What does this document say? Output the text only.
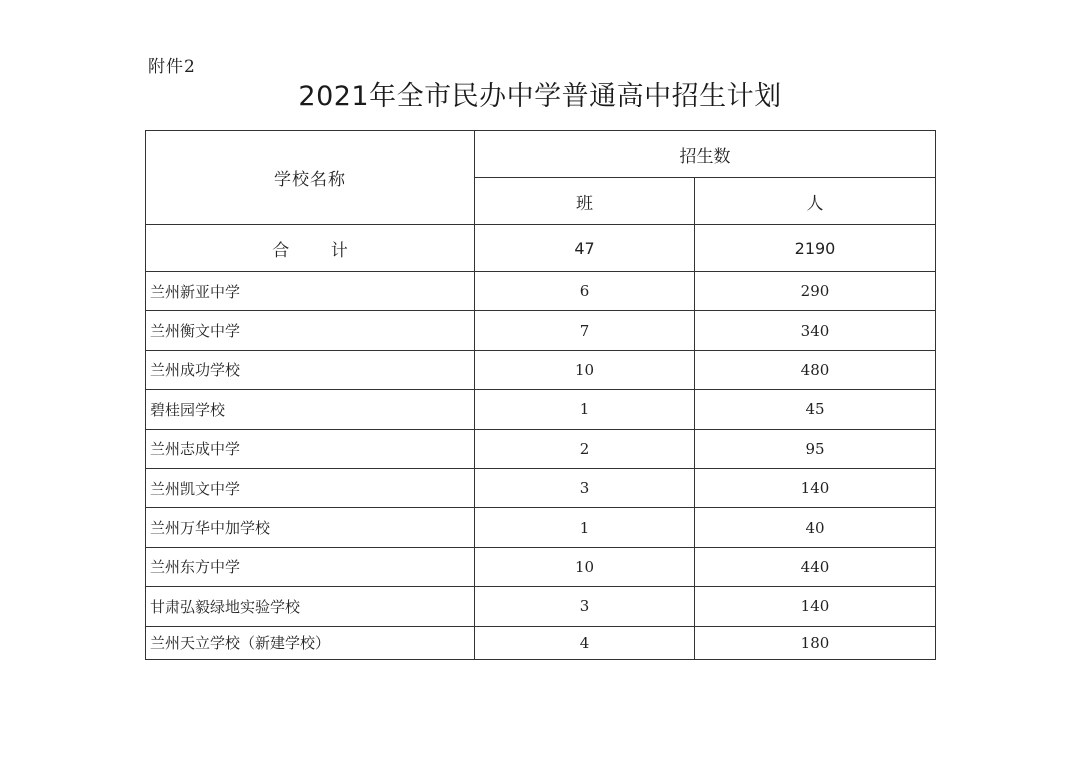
附件2
2021年全市民办中学普通高中招生计划
学校名称	招生数	
	班	人
合 计	47	2190
兰州新亚中学	6	290
兰州衡文中学	7	340
兰州成功学校	10	480
碧桂园学校	1	45
兰州志成中学	2	95
兰州凯文中学	3	140
兰州万华中加学校	1	40
兰州东方中学	10	440
甘肃弘毅绿地实验学校	3	140
兰州天立学校（新建学校）	4	180
